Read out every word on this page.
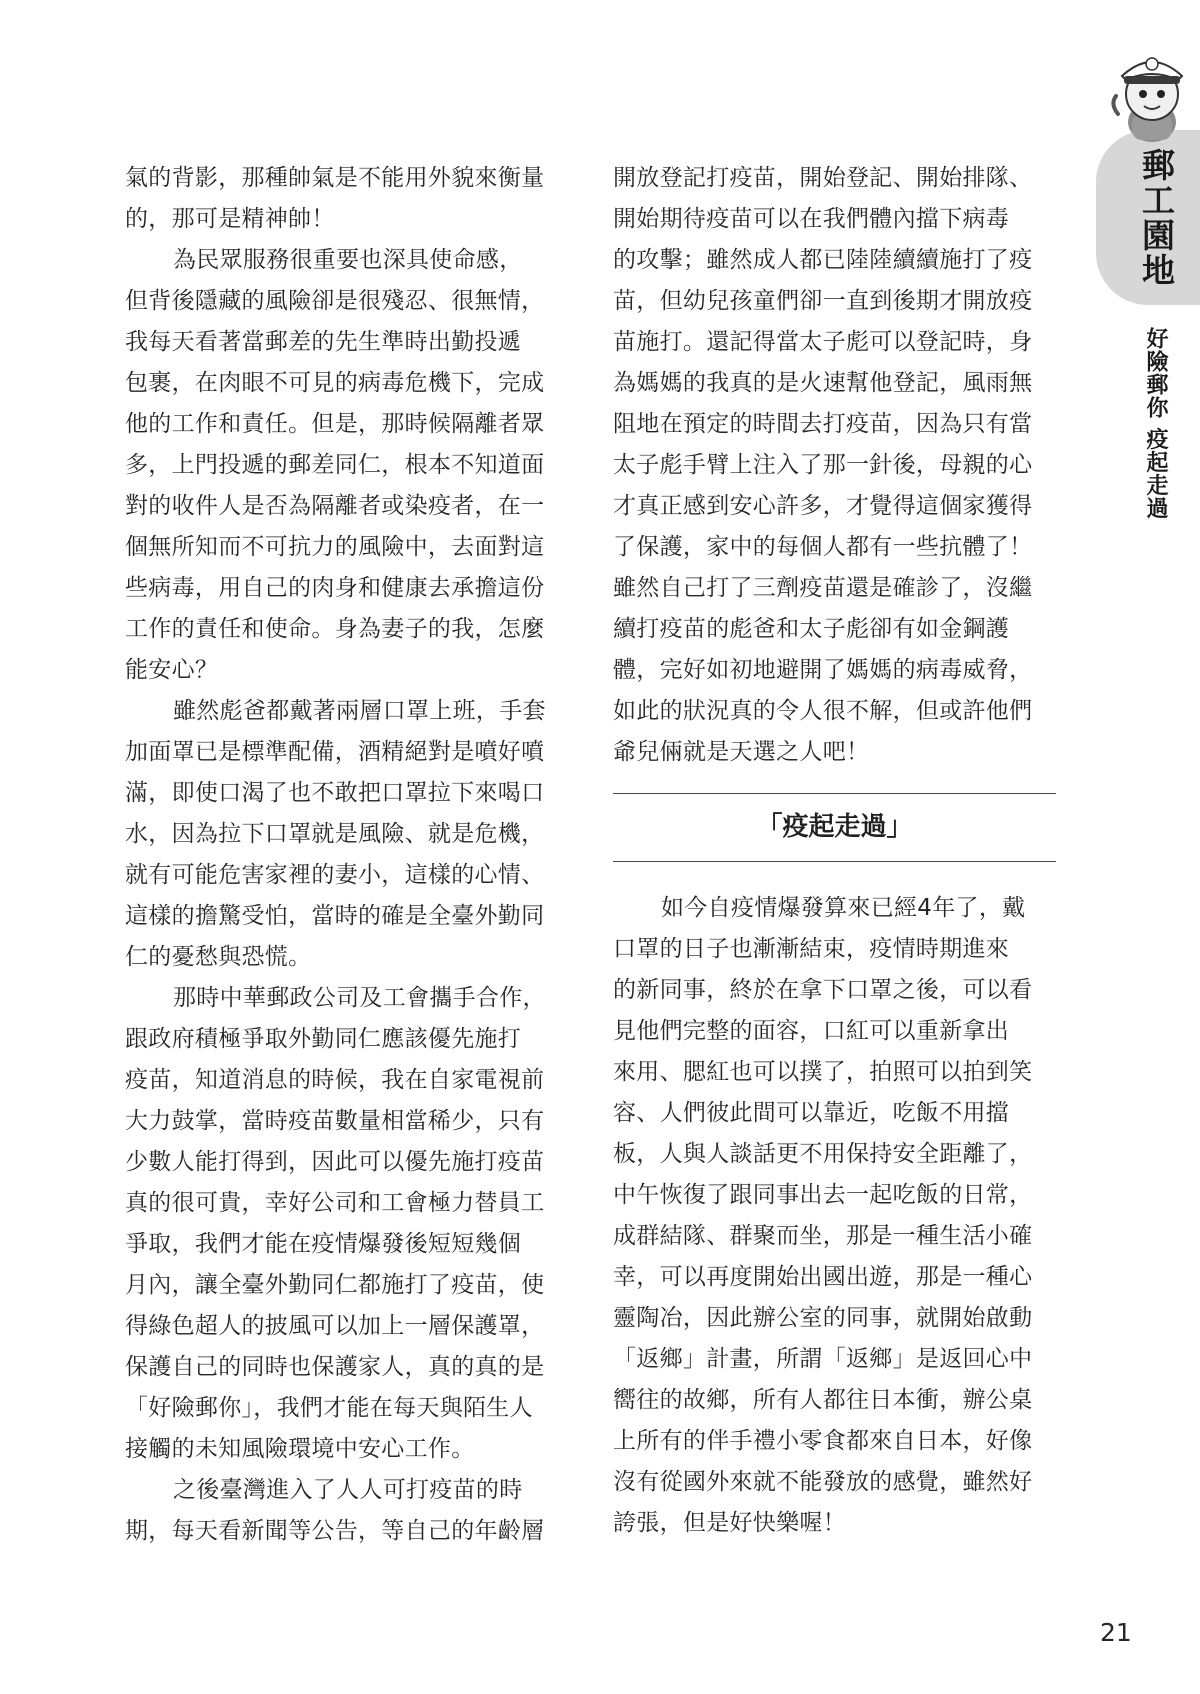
郵工園地
好險郵你 疫起走過
氣的背影，那種帥氣是不能用外貌來衡量
的，那可是精神帥！
為民眾服務很重要也深具使命感，
但背後隱藏的風險卻是很殘忍、很無情，
我每天看著當郵差的先生準時出勤投遞
包裹，在肉眼不可見的病毒危機下，完成
他的工作和責任。但是，那時候隔離者眾
多，上門投遞的郵差同仁，根本不知道面
對的收件人是否為隔離者或染疫者，在一
個無所知而不可抗力的風險中，去面對這
些病毒，用自己的肉身和健康去承擔這份
工作的責任和使命。身為妻子的我，怎麼
能安心？
雖然彪爸都戴著兩層口罩上班，手套
加面罩已是標準配備，酒精絕對是噴好噴
滿，即使口渴了也不敢把口罩拉下來喝口
水，因為拉下口罩就是風險、就是危機，
就有可能危害家裡的妻小，這樣的心情、
這樣的擔驚受怕，當時的確是全臺外勤同
仁的憂愁與恐慌。
那時中華郵政公司及工會攜手合作，
跟政府積極爭取外勤同仁應該優先施打
疫苗，知道消息的時候，我在自家電視前
大力鼓掌，當時疫苗數量相當稀少，只有
少數人能打得到，因此可以優先施打疫苗
真的很可貴，幸好公司和工會極力替員工
爭取，我們才能在疫情爆發後短短幾個
月內，讓全臺外勤同仁都施打了疫苗，使
得綠色超人的披風可以加上一層保護罩，
保護自己的同時也保護家人，真的真的是
「好險郵你」，我們才能在每天與陌生人
接觸的未知風險環境中安心工作。
之後臺灣進入了人人可打疫苗的時
期，每天看新聞等公告，等自己的年齡層
開放登記打疫苗，開始登記、開始排隊、
開始期待疫苗可以在我們體內擋下病毒
的攻擊；雖然成人都已陸陸續續施打了疫
苗，但幼兒孩童們卻一直到後期才開放疫
苗施打。還記得當太子彪可以登記時，身
為媽媽的我真的是火速幫他登記，風雨無
阻地在預定的時間去打疫苗，因為只有當
太子彪手臂上注入了那一針後，母親的心
才真正感到安心許多，才覺得這個家獲得
了保護，家中的每個人都有一些抗體了！
雖然自己打了三劑疫苗還是確診了，沒繼
續打疫苗的彪爸和太子彪卻有如金鋼護
體，完好如初地避開了媽媽的病毒威脅，
如此的狀況真的令人很不解，但或許他們
爺兒倆就是天選之人吧！
「疫起走過」
如今自疫情爆發算來已經4年了，戴
口罩的日子也漸漸結束，疫情時期進來
的新同事，終於在拿下口罩之後，可以看
見他們完整的面容，口紅可以重新拿出
來用、腮紅也可以撲了，拍照可以拍到笑
容、人們彼此間可以靠近，吃飯不用擋
板，人與人談話更不用保持安全距離了，
中午恢復了跟同事出去一起吃飯的日常，
成群結隊、群聚而坐，那是一種生活小確
幸，可以再度開始出國出遊，那是一種心
靈陶冶，因此辦公室的同事，就開始啟動
「返鄉」計畫，所謂「返鄉」是返回心中
嚮往的故鄉，所有人都往日本衝，辦公桌
上所有的伴手禮小零食都來自日本，好像
沒有從國外來就不能發放的感覺，雖然好
誇張，但是好快樂喔！
21
